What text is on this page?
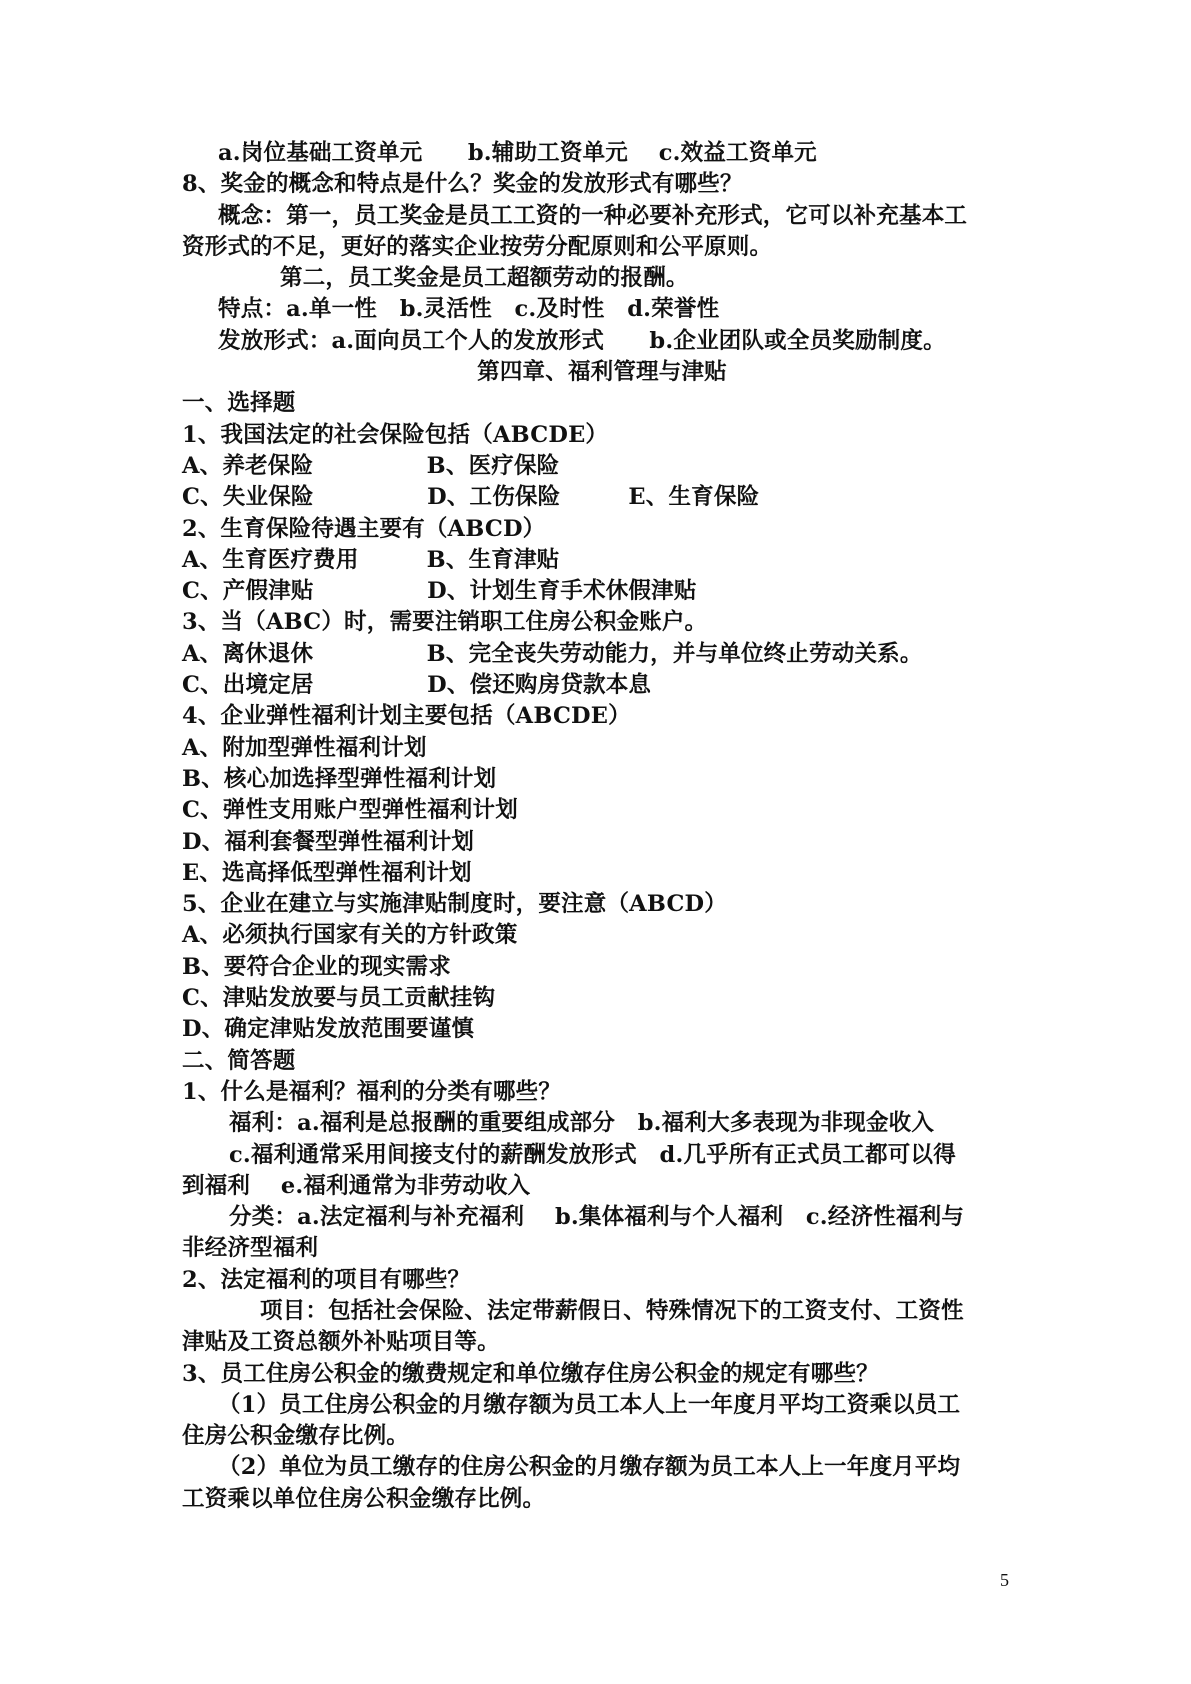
a.岗位基础工资单元　　b.辅助工资单元　 c.效益工资单元
8、奖金的概念和特点是什么？奖金的发放形式有哪些？
概念：第一，员工奖金是员工工资的一种必要补充形式，它可以补充基本工
资形式的不足，更好的落实企业按劳分配原则和公平原则。
第二，员工奖金是员工超额劳动的报酬。
特点：a.单一性　b.灵活性　c.及时性　d.荣誉性
发放形式：a.面向员工个人的发放形式　　b.企业团队或全员奖励制度。
第四章、福利管理与津贴
一、选择题
1、我国法定的社会保险包括（ABCDE）
A、养老保险　　　　　B、医疗保险
C、失业保险　　　　　D、工伤保险　　　E、生育保险
2、生育保险待遇主要有（ABCD）
A、生育医疗费用　　　B、生育津贴
C、产假津贴　　　　　D、计划生育手术休假津贴
3、当（ABC）时，需要注销职工住房公积金账户。
A、离休退休　　　　　B、完全丧失劳动能力，并与单位终止劳动关系。
C、出境定居　　　　　D、偿还购房贷款本息
4、企业弹性福利计划主要包括（ABCDE）
A、附加型弹性福利计划
B、核心加选择型弹性福利计划
C、弹性支用账户型弹性福利计划
D、福利套餐型弹性福利计划
E、选高择低型弹性福利计划
5、企业在建立与实施津贴制度时，要注意（ABCD）
A、必须执行国家有关的方针政策
B、要符合企业的现实需求
C、津贴发放要与员工贡献挂钩
D、确定津贴发放范围要谨慎
二、简答题
1、什么是福利？福利的分类有哪些？
福利：a.福利是总报酬的重要组成部分　b.福利大多表现为非现金收入
c.福利通常采用间接支付的薪酬发放形式　d.几乎所有正式员工都可以得
到福利　 e.福利通常为非劳动收入
分类：a.法定福利与补充福利　 b.集体福利与个人福利　c.经济性福利与
非经济型福利
2、法定福利的项目有哪些？
项目：包括社会保险、法定带薪假日、特殊情况下的工资支付、工资性
津贴及工资总额外补贴项目等。
3、员工住房公积金的缴费规定和单位缴存住房公积金的规定有哪些？
（1）员工住房公积金的月缴存额为员工本人上一年度月平均工资乘以员工
住房公积金缴存比例。
（2）单位为员工缴存的住房公积金的月缴存额为员工本人上一年度月平均
工资乘以单位住房公积金缴存比例。
5
